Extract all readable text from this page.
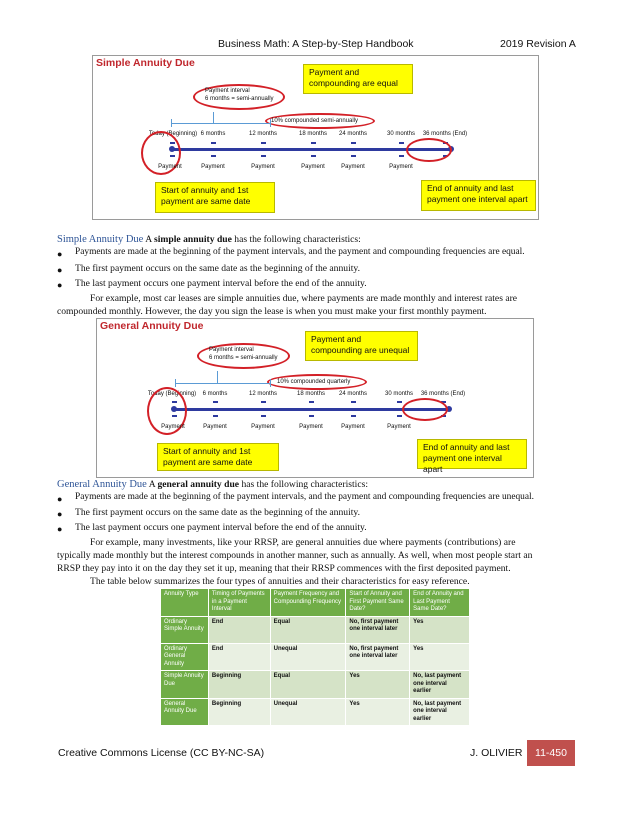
Business Math: A Step-by-Step Handbook	2019 Revision A
Simple Annuity Due
Payment and compounding are equal
Payment interval
6 months = semi-annually
10% compounded semi-annually
Today (Beginning) 6 months	12 months	18 months 24 months	30 months 36 months (End)
Payment	Payment	Payment	Payment	Payment	Payment
Start of annuity and 1st payment are same date
End of annuity and last payment one interval apart
Simple Annuity Due A simple annuity due has the following characteristics:
● Payments are made at the beginning of the payment intervals, and the payment and compounding frequencies are equal.
● The first payment occurs on the same date as the beginning of the annuity.
● The last payment occurs one payment interval before the end of the annuity.
For example, most car leases are simple annuities due, where payments are made monthly and interest rates are
compounded monthly. However, the day you sign the lease is when you must make your first monthly payment.
General Annuity Due
Payment and compounding are unequal
Payment interval
6 months = semi-annually
10% compounded quarterly
Today (Beginning) 6 months	12 months	18 months 24 months	30 months 36 months (End)
Payment	Payment	Payment	Payment	Payment	Payment
Start of annuity and 1st payment are same date
End of annuity and last payment one interval apart
General Annuity Due A general annuity due has the following characteristics:
● Payments are made at the beginning of the payment intervals, and the payment and compounding frequencies are unequal.
● The first payment occurs on the same date as the beginning of the annuity.
● The last payment occurs one payment interval before the end of the annuity.
For example, many investments, like your RRSP, are general annuities due where payments (contributions) are
typically made monthly but the interest compounds in another manner, such as annually. As well, when most people start an
RRSP they pay into it on the day they set it up, meaning that their RRSP commences with the first deposited payment.
The table below summarizes the four types of annuities and their characteristics for easy reference.
Annuity Type	Timing of Payments in a Payment Interval	Payment Frequency and Compounding Frequency	Start of Annuity and First Payment Same Date?	End of Annuity and Last Payment Same Date?
Ordinary Simple Annuity	End	Equal	No, first payment one interval later	Yes
Ordinary General Annuity	End	Unequal	No, first payment one interval later	Yes
Simple Annuity Due	Beginning	Equal	Yes	No, last payment one interval earlier
General Annuity Due	Beginning	Unequal	Yes	No, last payment one interval earlier
Creative Commons License (CC BY-NC-SA)	J. OLIVIER	11-450
